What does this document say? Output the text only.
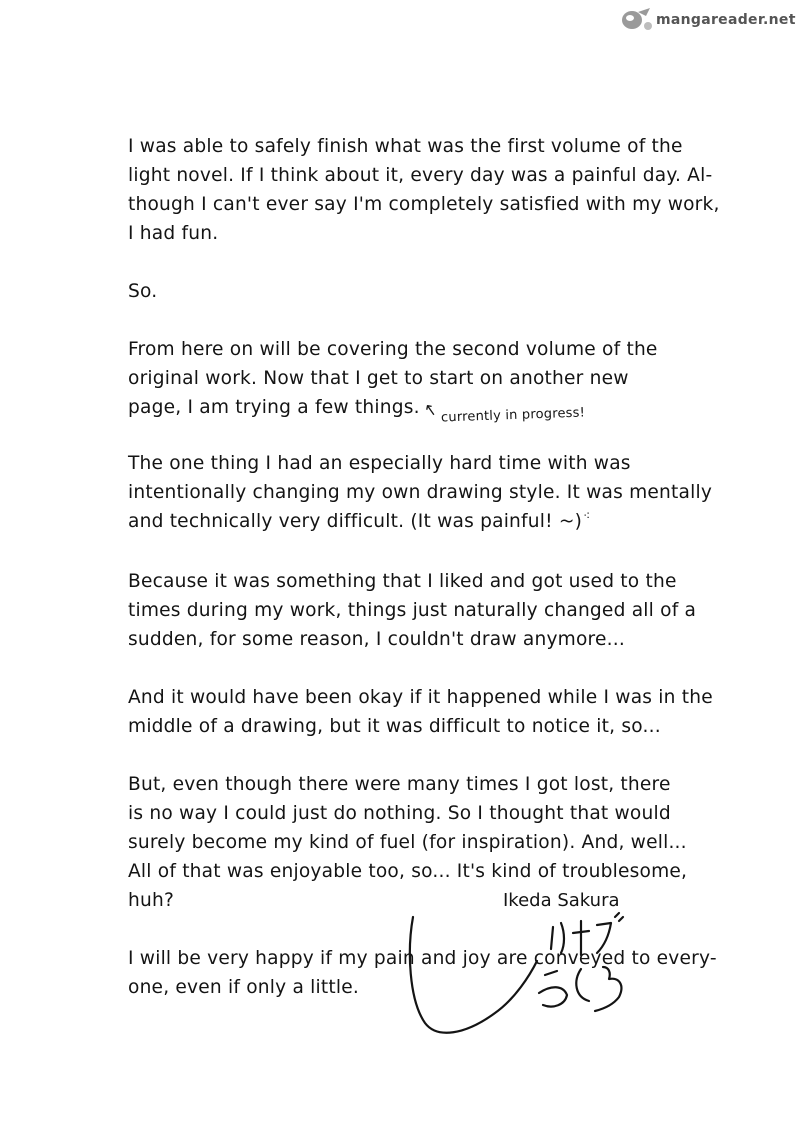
mangareader.net

I was able to safely finish what was the first volume of the
light novel. If I think about it, every day was a painful day. Al-
though I can't ever say I'm completely satisfied with my work,
I had fun.

So.

From here on will be covering the second volume of the
original work. Now that I get to start on another new
page, I am trying a few things. ↖ currently in progress!

The one thing I had an especially hard time with was
intentionally changing my own drawing style. It was mentally
and technically very difficult. (It was painful! ~)⁖

Because it was something that I liked and got used to the
times during my work, things just naturally changed all of a
sudden, for some reason, I couldn't draw anymore...

And it would have been okay if it happened while I was in the
middle of a drawing, but it was difficult to notice it, so...

But, even though there were many times I got lost, there
is no way I could just do nothing. So I thought that would
surely become my kind of fuel (for inspiration). And, well...
All of that was enjoyable too, so... It's kind of troublesome,
huh?

I will be very happy if my pain and joy are conveyed to every-
one, even if only a little.

Ikeda Sakura
